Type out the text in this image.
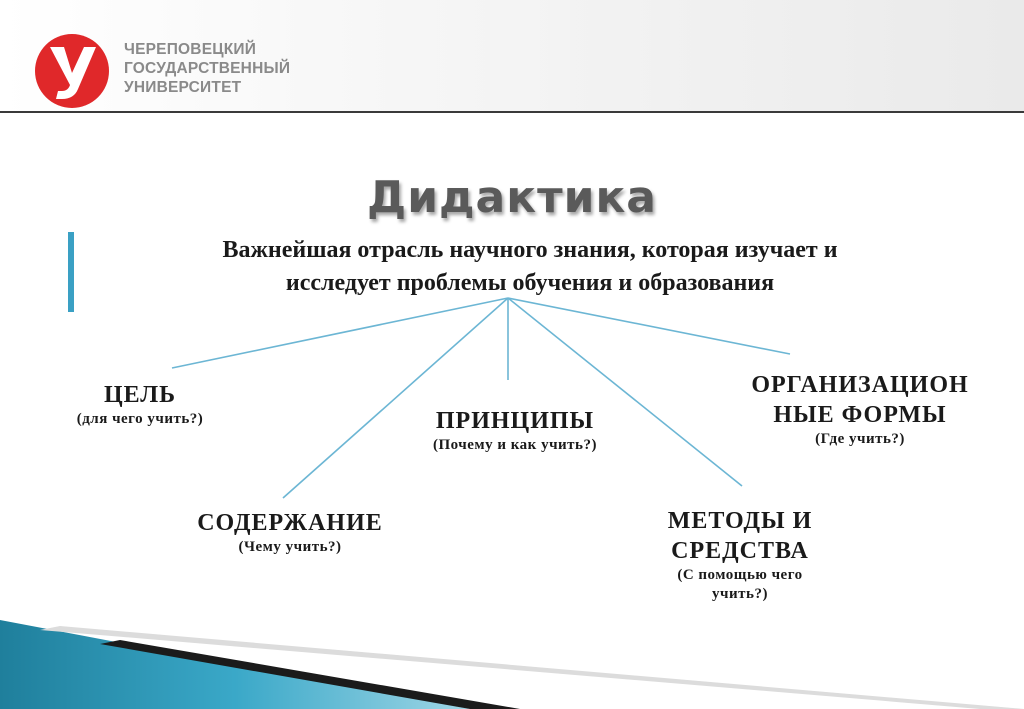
ЧЕРЕПОВЕЦКИЙ
ГОСУДАРСТВЕННЫЙ
УНИВЕРСИТЕТ
Дидактика
Важнейшая отрасль научного знания, которая изучает и
исследует проблемы обучения и образования
ЦЕЛЬ
(для чего учить?)	ПРИНЦИПЫ
(Почему и как учить?)
ОРГАНИЗАЦИОН
НЫЕ ФОРМЫ
(Где учить?)
СОДЕРЖАНИЕ
(Чему учить?)
МЕТОДЫ И
СРЕДСТВА
(С помощью чего
учить?)
